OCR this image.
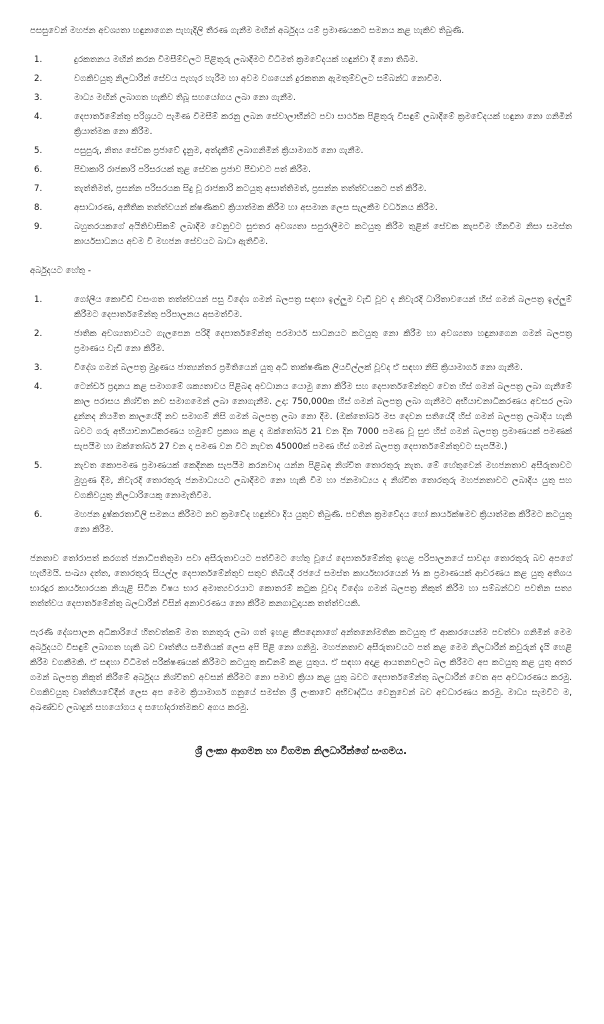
පසසුවෙන් මහජන අවශ්‍යතා හඳුනාගෙන පැහැදිලි තීරණ ගැනීම මඟින් අර්බුදය යම් ප්‍රමාණයකට සමනය කළ හැකිව තිබුණි.

1.	දුරකතනය මඟින් කරන විමසීම්වලට පිළිතුරු ලබාදීමට විධිමත් ක්‍රමවේදයක් හඳුන්වා දී නො තිබීම.
2.	වගකිවයුතු නිලධාරීන් සේවය පැහැර හැරීම හා අවම වශයෙන් දුරකතන ඇමතුම්වලට සම්බන්ධ නොවීම.
3.	මාධ්‍ය මඟින් ලබාගත හැකිව තිබූ සහයෝගය ලබා නො ගැනීම.
4.	දෙපාර්තමේන්තු පරිශ්‍රයට පැමිණ විමසීම් කරනු ලබන සේවාලාභීන්ට පවා සාර්ථක පිළිතුරු විසඳුම් ලබාදීමේ ක්‍රමවේදයක් හඳුනා නො ගනිමින් ක්‍රියාත්මක නො කිරීම.
5.	පසුපුරු, නිත්‍ය සේවක ප්‍රජාවේ දැනුම, අත්දැකීම් ලබාගනිමින් ක්‍රියාමාර්ග නො ගැනීම.
6.	පිඩාකාරි රාජකාරි පරිසරයක් තුළ සේවක ප්‍රජාව පීඩාවට පත් කිරීම.
7.	තැත්තිමත්, ප්‍රසන්න පරිසරයක සිදු වූ රාජකාරි කටයුතු අසාත්තිමත්, ප්‍රසන්න තත්ත්වයකට පත් කිරීම.
8.	අසාධාරණ, අනීතික තත්ත්වයන් ක්ෂණිකව ක්‍රියාත්මක කිරීම හා අසමාන ලෙස සැලකීම වර්ධනය කිරීම.
9.	බහුතරයකගේ අයිතිවාසිකම් ලබාදීම වෙනුවට සුළුතර අවශ්‍යතා සපුරාලීමට කටයුතු කිරීම තුළින් සේවක කැපවීම හීනවීම නිසා සමස්ත කාර්යසාධනය අවම වී මහජන සේවයට බාධා ඇතිවීම.

අර්බුදයට හේතු -

1.	ගෝලීය කොවිඩ් වසංගත තත්ත්වයන් පසු විදේශ ගමන් බලපත්‍ර සඳහා ඉල්ලුම වැඩි වූව ද නිවැරදි ධාරිතාවයෙන් හිස් ගමන් බලපත්‍ර ඉල්ලුම් කිරීමට දෙපාර්තමේන්තු පරිපාලනය අසමත්වීම.
2.	ජාතික අවශ්‍යතාවයට ගැලපෙන පරිදි දෙපාර්තමේන්තු පරමාර්ථ සාධනයට කටයුතු නො කිරීම හා අවශ්‍යතා හඳුනාගෙන ගමන් බලපත්‍ර ප්‍රමාණය වැඩි නො කිරීම.
3.	විදේශ ගමන් බලපත්‍ර මුද්‍රණය ජාත්‍යන්තර ප්‍රමිතියෙන් යුතු අධි තාක්ෂණික ලියවිල්ලක් වූවද ඒ සඳහා නිසි ක්‍රියාමාර්ග නො ගැනීම.
4.	ටෙන්ඩර් ප්‍රදානය කළ සමාගමේ ශක්‍යතාවය පිළිබඳ අවධානය යොමු නො කිරීම සහ දෙපාර්තමේන්තුව වෙත හිස් ගමන් බලපත්‍ර ලබා ගැනීමේ කාල පරාසය නිශ්චිත නව සමාගමෙන් ලබා නොගැනීම. උදා: 750,000ක හිස් ගමන් බලපත්‍ර ලබා ගැනීමට අභියාචනාධිකරණය අවසර ලබා දුන්නද නියමිත කාලයේදී නව සමාගම් නිසි ගමන් බලපත්‍ර ලබා නො දීම. (ඔක්තෝබර් මස දෙවන සතියේදී හිස් ගමන් බලපත්‍ර ලබාදිය හැකි බවට ගරු අභියාචනාධිකරණය හමුවේ ප්‍රකාශ කළ ද ඔක්තෝබර් 21 වන දින 7000 පමණ වූ සුළු හිස් ගමන් බලපත්‍ර ප්‍රමාණයක් පමණක් සැපයීම හා ඔක්තෝබර් 27 වන දා පමණ වන විට නැවත 45000ක් පමණ හිස් ගමන් බලපත්‍ර දෙපාර්තමේන්තුවට සැපයීම.)
5.	නැවත කොපමණ ප්‍රමාණයක් කෙදිනක සැපයීම කරනවාද යන්න පිළිබඳ නිශ්චිත තොරතුරු නැත. මේ හේතුවෙන් මහජනතාව අසීරුතාවට මුහුණ දීම, නිවැරදි තොරතුරු ජනමාධ්‍යයට ලබාදීමට නො හැකි වීම හා ජනමාධ්‍යය ද නිශ්චිත තොරතුරු මහජනතාවට ලබාදිය යුතු සහ වගකිවයුතු නිලධාරියෙකු නොමැතිවීම.
6.	මහජන දුෂ්කරතාවිලි සමනය කිරීමට නව ක්‍රමවේද හඳුන්වා දිය යුතුව තිබුණි. පවතින ක්‍රමවේදය හෝ කාර්යක්ෂමව ක්‍රියාත්මක කිරීමට කටයුතු නො කිරීම.

ජනතාව තෝරාපත් කරගත් ජනාධිපතිතුමා පවා අසීරුතාවයට පත්වීමට හේතු වූයේ දෙපාර්තමේන්තු ඉහළ පරිපාලනයේ සාවද්‍ය තොරතුරු බව අපගේ හැඟීමයි. සංඛ්‍යා දත්ත, තොරතුරු සියල්ල දෙපාර්තමේන්තුව සතුව තිබියදී රජයේ සමස්ත කාර්යභාරයෙන් ⅓ ක ප්‍රමාණයක් ආවරණය කළ යුතු අතිශය භාරදූර කාර්යභාරයක නියැළි සිටින විෂය භාර අමාත්‍යවරයාට කොතරම් කටුක වූවද විදේශ ගමන් බලපත්‍ර නිකුත් කිරීම හා සම්බන්ධව පවතින සත්‍ය තත්ත්වය දෙපාර්තමේන්තු බලධාරීන් විසින් අනාවරණය නො කිරීම කනගාටුදායක තත්ත්වයකි.

පැරණි දේශපාලන අධිකාරියේ හිතවත්කම් මත තනතුරු ලබා ගත් ඉහළ කීපදෙනාගේ අන්තනෝමතික කටයුතු ඒ ආකාරයෙන්ම පවත්වා ගනිමින් මෙම අර්බුදයට විසඳුම් ලබාගත හැකි බව වෘත්තීය සමිතියක් ලෙස අපි පිළි නො ගනිමු. මහජනතාව අසීරුතාවයට පත් කළ මෙම නිලධාරීන් කවුරුන් දැයි හෙළි කිරීම වගකීමකි. ඒ සඳහා විධිමත් පරීක්ෂණයක් කිරීමට කටයුතු කඩිනම් කළ යුතුය. ඒ සඳහා අදාළ ආයතනවලට බල කිරීමට අප කටයුතු කළ යුතු අතර ගමන් බලපත්‍ර නිකුත් කිරීමේ අර්බුදය නිශ්චිතව අවසන් කිරීමට නො පමාව ක්‍රියා කළ යුතු බවට දෙපාර්තමේන්තු බලධාරීන් වෙත අප අවධාරණය කරමු. වගකිවයුතු වෘත්තීයවේදීන් ලෙස අප මෙම ක්‍රියාමාර්ග ගනුයේ සමස්ත ශ්‍රී ලංකාවේ අභිවෘද්ධිය වෙනුවෙන් බව අවධාරණය කරමු. මාධ්‍ය සැමවිට ම, අඛණ්ඩව ලබාදුන් සහයෝගය ද සහෝදරාත්මකව අගය කරමු.

ශ්‍රී ලංකා ආගමන හා විගමන නිලධාරීන්ගේ සංගමය.
